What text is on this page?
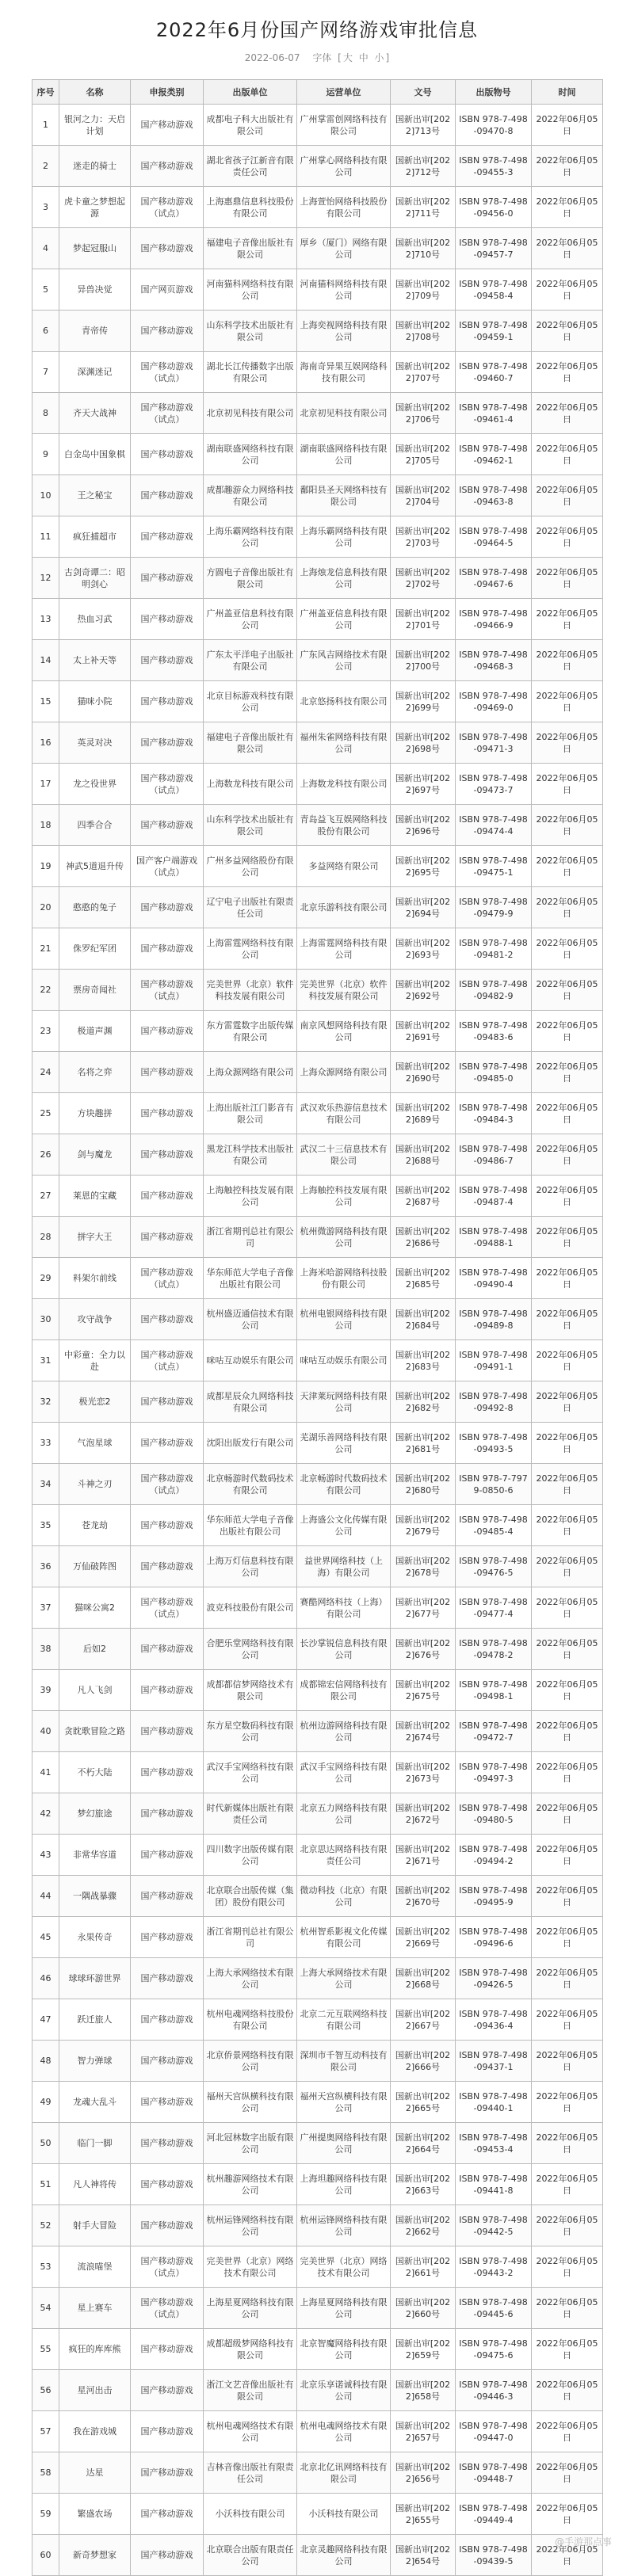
2022年6月份国产网络游戏审批信息
2022-06-07 字体 [ 大 中 小 ]
序号	名称	申报类别	出版单位	运营单位	文号	出版物号	时间
1	银河之力：天启计划	国产移动游戏	成都电子科大出版社有限公司	广州掌雷创网络科技有限公司	国新出审[2022]713号	ISBN 978-7-498-09470-8	2022年06月05日
2	迷走的骑士	国产移动游戏	湖北省孩子江新音有限责任公司	广州掌心网络科技有限公司	国新出审[2022]712号	ISBN 978-7-498-09455-3	2022年06月05日
3	虎卡童之梦想起源	国产移动游戏（试点）	上海惠鼎信息科技股份有限公司	上海萱怡网络科技股份有限公司	国新出审[2022]711号	ISBN 978-7-498-09456-0	2022年06月05日
4	梦起冠服山	国产移动游戏	福建电子音像出版社有限公司	厚乡（厦门）网络有限公司	国新出审[2022]710号	ISBN 978-7-498-09457-7	2022年06月05日
5	异兽决觉	国产网页游戏	河南猫科网络科技有限公司	河南猫科网络科技有限公司	国新出审[2022]709号	ISBN 978-7-498-09458-4	2022年06月05日
6	青帝传	国产移动游戏	山东科学技术出版社有限公司	上海奕视网络科技有限公司	国新出审[2022]708号	ISBN 978-7-498-09459-1	2022年06月05日
7	深渊迷记	国产移动游戏（试点）	湖北长江传播数字出版有限公司	海南奇异果互娱网络科技有限公司	国新出审[2022]707号	ISBN 978-7-498-09460-7	2022年06月05日
8	齐天大战神	国产移动游戏（试点）	北京初见科技有限公司	北京初见科技有限公司	国新出审[2022]706号	ISBN 978-7-498-09461-4	2022年06月05日
9	白金岛中国象棋	国产移动游戏	湖南联盛网络科技有限公司	湖南联盛网络科技有限公司	国新出审[2022]705号	ISBN 978-7-498-09462-1	2022年06月05日
10	王之秘宝	国产移动游戏	成都趣游众力网络科技有限公司	鄱阳县圣天网络科技有限公司	国新出审[2022]704号	ISBN 978-7-498-09463-8	2022年06月05日
11	疯狂捕超市	国产移动游戏	上海乐霸网络科技有限公司	上海乐霸网络科技有限公司	国新出审[2022]703号	ISBN 978-7-498-09464-5	2022年06月05日
12	古剑奇谭二：昭明剑心	国产移动游戏	方圆电子音像出版社有限公司	上海烛龙信息科技有限公司	国新出审[2022]702号	ISBN 978-7-498-09467-6	2022年06月05日
13	热血习武	国产移动游戏	广州盖亚信息科技有限公司	广州盖亚信息科技有限公司	国新出审[2022]701号	ISBN 978-7-498-09466-9	2022年06月05日
14	太上补天等	国产移动游戏	广东太平洋电子出版社有限公司	广东风吉网络技术有限公司	国新出审[2022]700号	ISBN 978-7-498-09468-3	2022年06月05日
15	猫咪小院	国产移动游戏	北京目标游戏科技有限公司	北京悠扬科技有限公司	国新出审[2022]699号	ISBN 978-7-498-09469-0	2022年06月05日
16	英灵对决	国产移动游戏	福建电子音像出版社有限公司	福州朱雀网络科技有限公司	国新出审[2022]698号	ISBN 978-7-498-09471-3	2022年06月05日
17	龙之役世界	国产移动游戏（试点）	上海数龙科技有限公司	上海数龙科技有限公司	国新出审[2022]697号	ISBN 978-7-498-09473-7	2022年06月05日
18	四季合合	国产移动游戏	山东科学技术出版社有限公司	青岛益飞互娱网络科技股份有限公司	国新出审[2022]696号	ISBN 978-7-498-09474-4	2022年06月05日
19	神武5道退升传	国产客户端游戏（试点）	广州多益网络股份有限公司	多益网络有限公司	国新出审[2022]695号	ISBN 978-7-498-09475-1	2022年06月05日
20	憨憨的兔子	国产移动游戏	辽宁电子出版社有限责任公司	北京乐游科技有限公司	国新出审[2022]694号	ISBN 978-7-498-09479-9	2022年06月05日
21	侏罗纪军团	国产移动游戏	上海雷霆网络科技有限公司	上海雷霆网络科技有限公司	国新出审[2022]693号	ISBN 978-7-498-09481-2	2022年06月05日
22	票房奇闻社	国产移动游戏（试点）	完美世界（北京）软件科技发展有限公司	完美世界（北京）软件科技发展有限公司	国新出审[2022]692号	ISBN 978-7-498-09482-9	2022年06月05日
23	极道声渊	国产移动游戏	东方雷霆数字出版传媒有限公司	南京风想网络科技有限公司	国新出审[2022]691号	ISBN 978-7-498-09483-6	2022年06月05日
24	名将之弈	国产移动游戏	上海众源网络有限公司	上海众源网络有限公司	国新出审[2022]690号	ISBN 978-7-498-09485-0	2022年06月05日
25	方块趣拼	国产移动游戏	上海出版社江门影音有限公司	武汉欢乐热游信息技术有限公司	国新出审[2022]689号	ISBN 978-7-498-09484-3	2022年06月05日
26	剑与魔龙	国产移动游戏	黑龙江科学技术出版社有限公司	武汉二十三信息技术有限公司	国新出审[2022]688号	ISBN 978-7-498-09486-7	2022年06月05日
27	莱恩的宝藏	国产移动游戏	上海触控科技发展有限公司	上海触控科技发展有限公司	国新出审[2022]687号	ISBN 978-7-498-09487-4	2022年06月05日
28	拼字大王	国产移动游戏	浙江省期刊总社有限公司	杭州微游网络科技有限公司	国新出审[2022]686号	ISBN 978-7-498-09488-1	2022年06月05日
29	料架尔前线	国产移动游戏（试点）	华东师范大学电子音像出版社有限公司	上海米哈游网络科技股份有限公司	国新出审[2022]685号	ISBN 978-7-498-09490-4	2022年06月05日
30	攻守战争	国产移动游戏	杭州盛迈通信技术有限公司	杭州电银网络科技有限公司	国新出审[2022]684号	ISBN 978-7-498-09489-8	2022年06月05日
31	中彩童：全力以赴	国产移动游戏（试点）	咪咕互动娱乐有限公司	咪咕互动娱乐有限公司	国新出审[2022]683号	ISBN 978-7-498-09491-1	2022年06月05日
32	极光恋2	国产移动游戏	成都星辰众九网络科技有限公司	天津莱玩网络科技有限公司	国新出审[2022]682号	ISBN 978-7-498-09492-8	2022年06月05日
33	气泡星球	国产移动游戏	沈阳出版发行有限公司	芜湖乐善网络科技有限公司	国新出审[2022]681号	ISBN 978-7-498-09493-5	2022年06月05日
34	斗神之刃	国产移动游戏（试点）	北京畅游时代数码技术有限公司	北京畅游时代数码技术有限公司	国新出审[2022]680号	ISBN 978-7-7979-0850-6	2022年06月05日
35	苍龙劫	国产移动游戏	华东师范大学电子音像出版社有限公司	上海盛公文化传媒有限公司	国新出审[2022]679号	ISBN 978-7-498-09485-4	2022年06月05日
36	万仙破阵图	国产移动游戏	上海万灯信息科技有限公司	益世界网络科技（上海）有限公司	国新出审[2022]678号	ISBN 978-7-498-09476-5	2022年06月05日
37	猫咪公寓2	国产移动游戏（试点）	波克科技股份有限公司	赛酷网络科技（上海）有限公司	国新出审[2022]677号	ISBN 978-7-498-09477-4	2022年06月05日
38	后如2	国产移动游戏	合肥乐堂网络科技有限公司	长沙掌锐信息科技有限公司	国新出审[2022]676号	ISBN 978-7-498-09478-2	2022年06月05日
39	凡人飞剑	国产移动游戏	成都都信梦网络技术有限公司	成都锦宏信网络科技有限公司	国新出审[2022]675号	ISBN 978-7-498-09498-1	2022年06月05日
40	贪眈歌冒险之路	国产移动游戏	东方星空数码科技有限公司	杭州边游网络科技有限公司	国新出审[2022]674号	ISBN 978-7-498-09472-7	2022年06月05日
41	不朽大陆	国产移动游戏	武汉手宝网络科技有限公司	武汉手宝网络科技有限公司	国新出审[2022]673号	ISBN 978-7-498-09497-3	2022年06月05日
42	梦幻旅途	国产移动游戏	时代新媒体出版社有限责任公司	北京五力网络科技有限公司	国新出审[2022]672号	ISBN 978-7-498-09480-5	2022年06月05日
43	非常华容道	国产移动游戏	四川数字出版传媒有限公司	北京思达网络科技有限责任公司	国新出审[2022]671号	ISBN 978-7-498-09494-2	2022年06月05日
44	一隅战暴骤	国产移动游戏	北京联合出版传媒（集团）股份有限公司	微动科技（北京）有限公司	国新出审[2022]670号	ISBN 978-7-498-09495-9	2022年06月05日
45	永果传奇	国产移动游戏	浙江省期刊总社有限公司	杭州智系影视文化传媒有限公司	国新出审[2022]669号	ISBN 978-7-498-09496-6	2022年06月05日
46	球球环游世界	国产移动游戏	上海大承网络技术有限公司	上海大承网络技术有限公司	国新出审[2022]668号	ISBN 978-7-498-09426-5	2022年06月05日
47	跃迁旅人	国产移动游戏	杭州电魂网络科技股份有限公司	北京二元互联网络科技有限公司	国新出审[2022]667号	ISBN 978-7-498-09436-4	2022年06月05日
48	智力弹球	国产移动游戏	北京侨景网络科技有限公司	深圳市千智互动科技有限公司	国新出审[2022]666号	ISBN 978-7-498-09437-1	2022年06月05日
49	龙魂大乱斗	国产移动游戏	福州天宫纵横科技有限公司	福州天宫纵横科技有限公司	国新出审[2022]665号	ISBN 978-7-498-09440-1	2022年06月05日
50	临门一脚	国产移动游戏	河北冠林数字出版有限公司	广州提奥网络科技有限公司	国新出审[2022]664号	ISBN 978-7-498-09453-4	2022年06月05日
51	凡人神将传	国产移动游戏	杭州趣游网络技术有限公司	上海坦趣网络科技有限公司	国新出审[2022]663号	ISBN 978-7-498-09441-8	2022年06月05日
52	射手大冒险	国产移动游戏	杭州运锋网络科技有限公司	杭州运锋网络科技有限公司	国新出审[2022]662号	ISBN 978-7-498-09442-5	2022年06月05日
53	流浪喵堡	国产移动游戏（试点）	完美世界（北京）网络技术有限公司	完美世界（北京）网络技术有限公司	国新出审[2022]661号	ISBN 978-7-498-09443-2	2022年06月05日
54	星上赛车	国产移动游戏（试点）	上海星夏网络科技有限公司	上海星夏网络科技有限公司	国新出审[2022]660号	ISBN 978-7-498-09445-6	2022年06月05日
55	疯狂的库库熊	国产移动游戏	成都超级梦网络科技有限公司	北京智魔网络科技有限公司	国新出审[2022]659号	ISBN 978-7-498-09475-6	2022年06月05日
56	星河出击	国产移动游戏	浙江文艺音像出版社有限公司	北京乐享诺诚科技有限公司	国新出审[2022]658号	ISBN 978-7-498-09446-3	2022年06月05日
57	我在游戏城	国产移动游戏	杭州电魂网络技术有限公司	杭州电魂网络技术有限公司	国新出审[2022]657号	ISBN 978-7-498-09447-0	2022年06月05日
58	达星	国产移动游戏	吉林音像出版社有限责任公司	北京北亿讯网络科技有限公司	国新出审[2022]656号	ISBN 978-7-498-09448-7	2022年06月05日
59	繁盛农场	国产移动游戏	小沃科技有限公司	小沃科技有限公司	国新出审[2022]655号	ISBN 978-7-498-09449-4	2022年06月05日
60	新奇梦想家	国产移动游戏	北京联合出版有限责任公司	北京灵趣网络科技有限公司	国新出审[2022]654号	ISBN 978-7-498-09439-5	2022年06月05日
@手游那点事
